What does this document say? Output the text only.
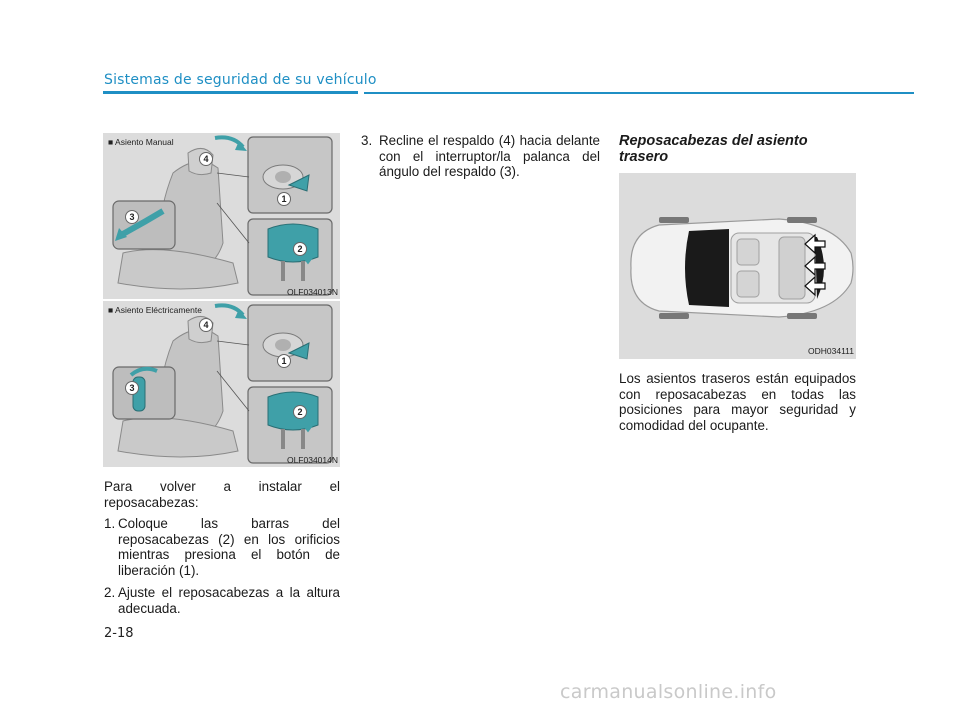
Sistemas de seguridad de su vehículo
4
3
1
2
■ Asiento Manual
OLF034013N
4
3
1
2
■ Asiento Eléctricamente
OLF034014N
ODH034111

Para volver a instalar el reposacabezas:

1. Coloque las barras del reposacabezas (2) en los orificios mientras presiona el botón de liberación (1).
2. Ajuste el reposacabezas a la altura adecuada.
3. Recline el respaldo (4) hacia delante con el interruptor/la palanca del ángulo del respaldo (3).
Reposacabezas del asiento trasero
Los asientos traseros están equipados con reposacabezas en todas las posiciones para mayor seguridad y comodidad del ocupante.
2-18
carmanualsonline.info
